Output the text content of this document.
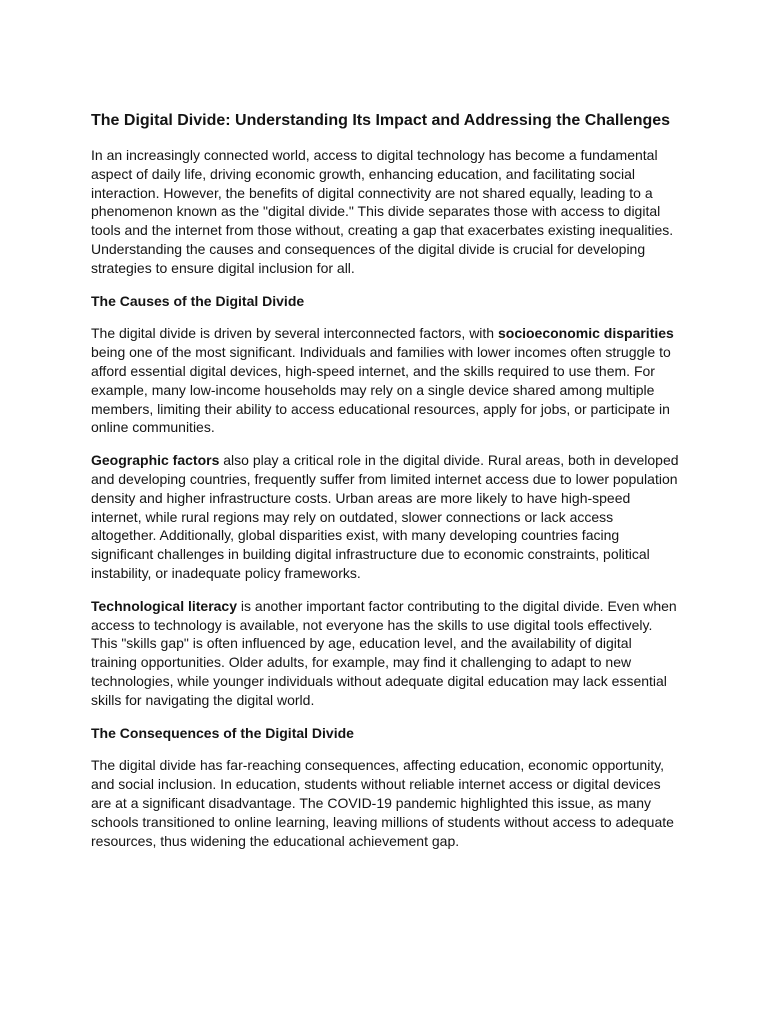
The Digital Divide: Understanding Its Impact and Addressing the Challenges

In an increasingly connected world, access to digital technology has become a fundamental aspect of daily life, driving economic growth, enhancing education, and facilitating social interaction. However, the benefits of digital connectivity are not shared equally, leading to a phenomenon known as the "digital divide." This divide separates those with access to digital tools and the internet from those without, creating a gap that exacerbates existing inequalities. Understanding the causes and consequences of the digital divide is crucial for developing strategies to ensure digital inclusion for all.

The Causes of the Digital Divide

The digital divide is driven by several interconnected factors, with socioeconomic disparities being one of the most significant. Individuals and families with lower incomes often struggle to afford essential digital devices, high-speed internet, and the skills required to use them. For example, many low-income households may rely on a single device shared among multiple members, limiting their ability to access educational resources, apply for jobs, or participate in online communities.

Geographic factors also play a critical role in the digital divide. Rural areas, both in developed and developing countries, frequently suffer from limited internet access due to lower population density and higher infrastructure costs. Urban areas are more likely to have high-speed internet, while rural regions may rely on outdated, slower connections or lack access altogether. Additionally, global disparities exist, with many developing countries facing significant challenges in building digital infrastructure due to economic constraints, political instability, or inadequate policy frameworks.

Technological literacy is another important factor contributing to the digital divide. Even when access to technology is available, not everyone has the skills to use digital tools effectively. This "skills gap" is often influenced by age, education level, and the availability of digital training opportunities. Older adults, for example, may find it challenging to adapt to new technologies, while younger individuals without adequate digital education may lack essential skills for navigating the digital world.

The Consequences of the Digital Divide

The digital divide has far-reaching consequences, affecting education, economic opportunity, and social inclusion. In education, students without reliable internet access or digital devices are at a significant disadvantage. The COVID-19 pandemic highlighted this issue, as many schools transitioned to online learning, leaving millions of students without access to adequate resources, thus widening the educational achievement gap.
